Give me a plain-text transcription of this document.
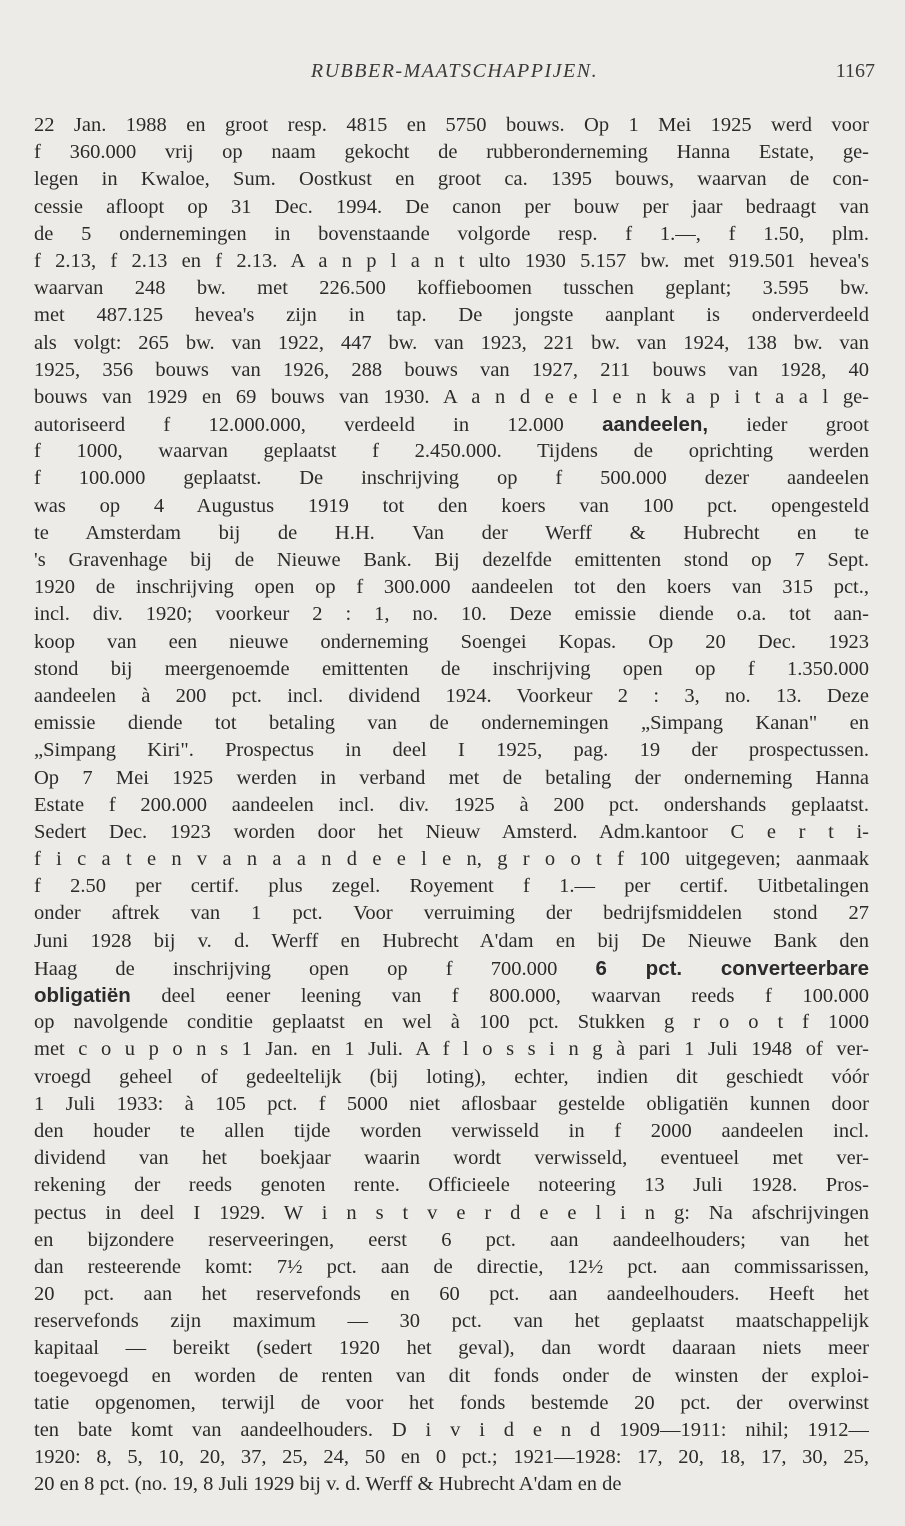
RUBBER-MAATSCHAPPIJEN.	1167
22 Jan. 1988 en groot resp. 4815 en 5750 bouws. Op 1 Mei 1925 werd voor
f 360.000 vrij op naam gekocht de rubberonderneming Hanna Estate, ge-
legen in Kwaloe, Sum. Oostkust en groot ca. 1395 bouws, waarvan de con-
cessie afloopt op 31 Dec. 1994. De canon per bouw per jaar bedraagt van
de 5 ondernemingen in bovenstaande volgorde resp. f 1.—, f 1.50, plm.
f 2.13, f 2.13 en f 2.13. A a n p l a n t ulto 1930 5.157 bw. met 919.501 hevea's
waarvan 248 bw. met 226.500 koffieboomen tusschen geplant; 3.595 bw.
met 487.125 hevea's zijn in tap. De jongste aanplant is onderverdeeld
als volgt: 265 bw. van 1922, 447 bw. van 1923, 221 bw. van 1924, 138 bw. van
1925, 356 bouws van 1926, 288 bouws van 1927, 211 bouws van 1928, 40
bouws van 1929 en 69 bouws van 1930. A a n d e e l e n k a p i t a a l ge-
autoriseerd f 12.000.000, verdeeld in 12.000 aandeelen, ieder groot
f 1000, waarvan geplaatst f 2.450.000. Tijdens de oprichting werden
f 100.000 geplaatst. De inschrijving op f 500.000 dezer aandeelen
was op 4 Augustus 1919 tot den koers van 100 pct. opengesteld
te Amsterdam bij de H.H. Van der Werff & Hubrecht en te
's Gravenhage bij de Nieuwe Bank. Bij dezelfde emittenten stond op 7 Sept.
1920 de inschrijving open op f 300.000 aandeelen tot den koers van 315 pct.,
incl. div. 1920; voorkeur 2 : 1, no. 10. Deze emissie diende o.a. tot aan-
koop van een nieuwe onderneming Soengei Kopas. Op 20 Dec. 1923
stond bij meergenoemde emittenten de inschrijving open op f 1.350.000
aandeelen à 200 pct. incl. dividend 1924. Voorkeur 2 : 3, no. 13. Deze
emissie diende tot betaling van de ondernemingen „Simpang Kanan" en
„Simpang Kiri". Prospectus in deel I 1925, pag. 19 der prospectussen.
Op 7 Mei 1925 werden in verband met de betaling der onderneming Hanna
Estate f 200.000 aandeelen incl. div. 1925 à 200 pct. ondershands geplaatst.
Sedert Dec. 1923 worden door het Nieuw Amsterd. Adm.kantoor C e r t i-
f i c a t e n v a n a a n d e e l e n, g r o o t f 100 uitgegeven; aanmaak
f 2.50 per certif. plus zegel. Royement f 1.— per certif. Uitbetalingen
onder aftrek van 1 pct. Voor verruiming der bedrijfsmiddelen stond 27
Juni 1928 bij v. d. Werff en Hubrecht A'dam en bij De Nieuwe Bank den
Haag de inschrijving open op f 700.000 6 pct. converteerbare
obligatiën deel eener leening van f 800.000, waarvan reeds f 100.000
op navolgende conditie geplaatst en wel à 100 pct. Stukken g r o o t f 1000
met c o u p o n s 1 Jan. en 1 Juli. A f l o s s i n g à pari 1 Juli 1948 of ver-
vroegd geheel of gedeeltelijk (bij loting), echter, indien dit geschiedt vóór
1 Juli 1933: à 105 pct. f 5000 niet aflosbaar gestelde obligatiën kunnen door
den houder te allen tijde worden verwisseld in f 2000 aandeelen incl.
dividend van het boekjaar waarin wordt verwisseld, eventueel met ver-
rekening der reeds genoten rente. Officieele noteering 13 Juli 1928. Pros-
pectus in deel I 1929. W i n s t v e r d e e l i n g: Na afschrijvingen
en bijzondere reserveeringen, eerst 6 pct. aan aandeelhouders; van het
dan resteerende komt: 7½ pct. aan de directie, 12½ pct. aan commissarissen,
20 pct. aan het reservefonds en 60 pct. aan aandeelhouders. Heeft het
reservefonds zijn maximum — 30 pct. van het geplaatst maatschappelijk
kapitaal — bereikt (sedert 1920 het geval), dan wordt daaraan niets meer
toegevoegd en worden de renten van dit fonds onder de winsten der exploi-
tatie opgenomen, terwijl de voor het fonds bestemde 20 pct. der overwinst
ten bate komt van aandeelhouders. D i v i d e n d 1909—1911: nihil; 1912—
1920: 8, 5, 10, 20, 37, 25, 24, 50 en 0 pct.; 1921—1928: 17, 20, 18, 17, 30, 25,
20 en 8 pct. (no. 19, 8 Juli 1929 bij v. d. Werff & Hubrecht A'dam en de
